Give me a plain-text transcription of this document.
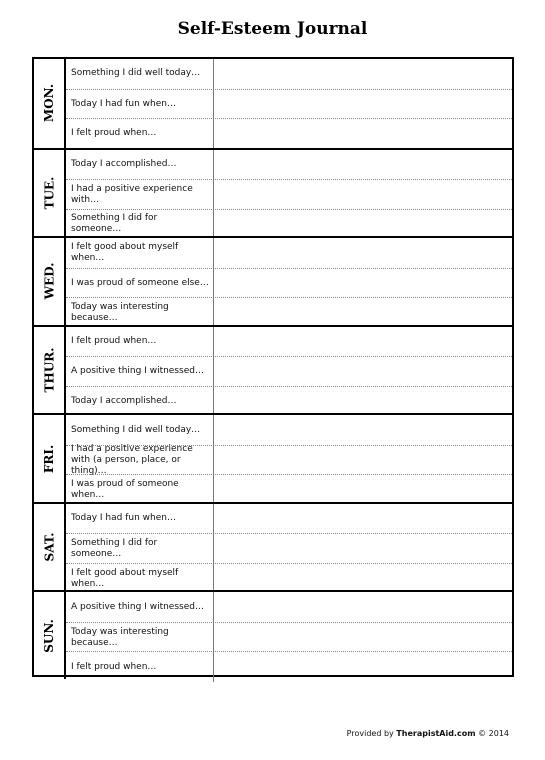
Self-Esteem Journal
MON.
Something I did well today…
Today I had fun when…
I felt proud when…
TUE.
Today I accomplished…
I had a positive experience with…
Something I did for someone…
WED.
I felt good about myself when…
I was proud of someone else…
Today was interesting because…
THUR.
I felt proud when…
A positive thing I witnessed…
Today I accomplished…
FRI.
Something I did well today…
I had a positive experience with (a person, place, or thing)…
I was proud of someone when…
SAT.
Today I had fun when…
Something I did for someone…
I felt good about myself when…
SUN.
A positive thing I witnessed…
Today was interesting because…
I felt proud when…
Provided by TherapistAid.com © 2014
